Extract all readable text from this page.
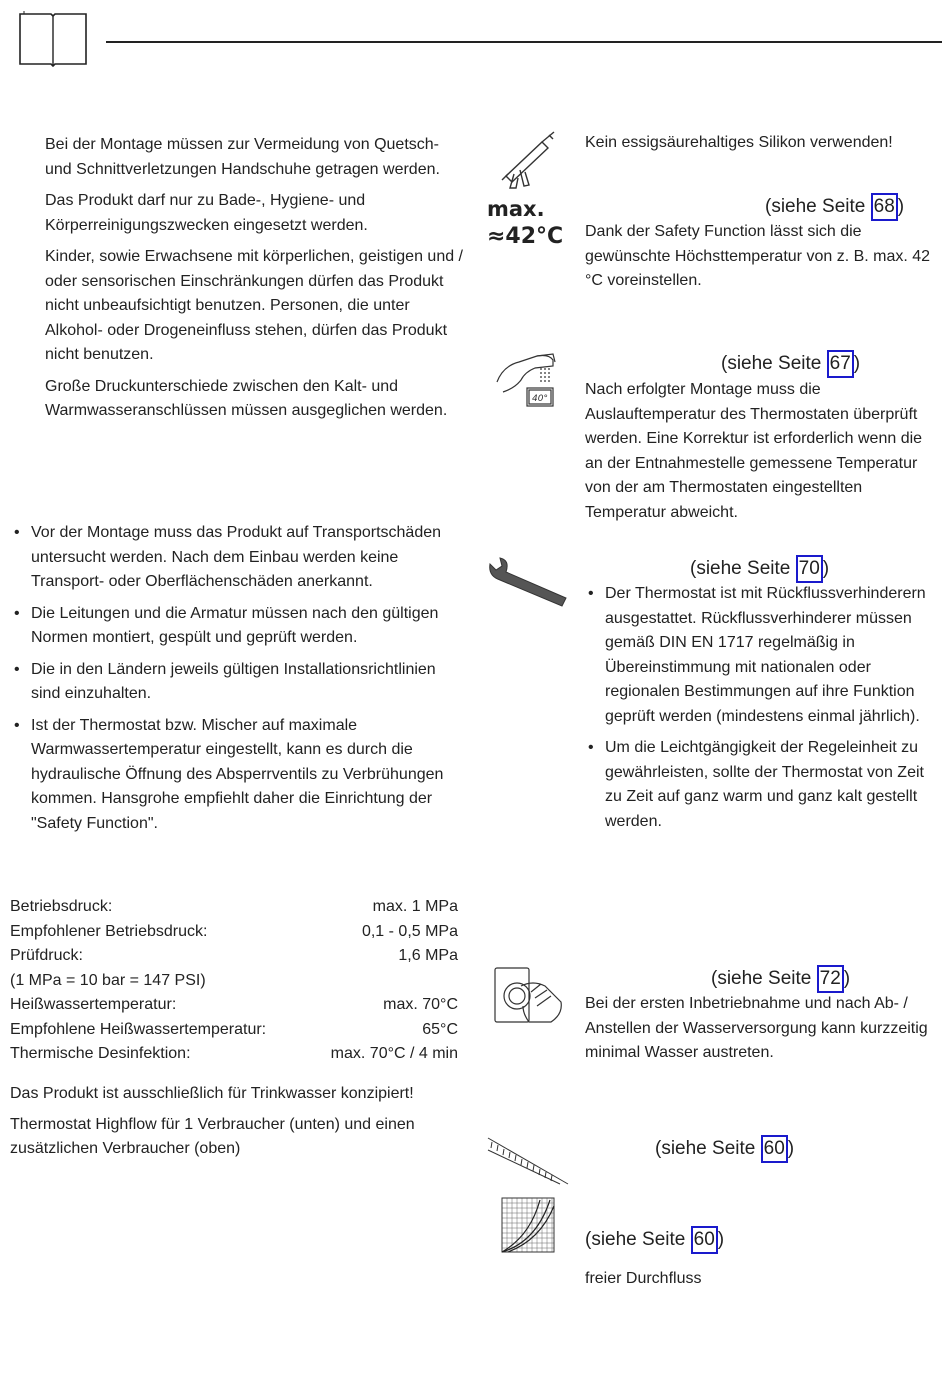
Bei der Montage müssen zur Vermeidung von Quetsch- und Schnittverletzungen Handschuhe getragen werden.

Das Produkt darf nur zu Bade-, Hygiene- und Körperreinigungszwecken eingesetzt werden.

Kinder, sowie Erwachsene mit körperlichen, geistigen und / oder sensorischen Einschränkungen dürfen das Produkt nicht unbeaufsichtigt benutzen. Personen, die unter Alkohol- oder Drogeneinfluss stehen, dürfen das Produkt nicht benutzen.

Große Druckunterschiede zwischen den Kalt- und Warmwasseranschlüssen müssen ausgeglichen werden.

• Vor der Montage muss das Produkt auf Transportschäden untersucht werden. Nach dem Einbau werden keine Transport- oder Oberflächenschäden anerkannt.
• Die Leitungen und die Armatur müssen nach den gültigen Normen montiert, gespült und geprüft werden.
• Die in den Ländern jeweils gültigen Installationsrichtlinien sind einzuhalten.
• Ist der Thermostat bzw. Mischer auf maximale Warmwassertemperatur eingestellt, kann es durch die hydraulische Öffnung des Absperrventils zu Verbrühungen kommen. Hansgrohe empfiehlt daher die Einrichtung der "Safety Function".
Betriebsdruck:	max. 1 MPa
Empfohlener Betriebsdruck:	0,1 - 0,5 MPa
Prüfdruck:	1,6 MPa
(1 MPa = 10 bar = 147 PSI)
Heißwassertemperatur:	max. 70°C
Empfohlene Heißwassertemperatur:	65°C
Thermische Desinfektion:	max. 70°C / 4 min

Das Produkt ist ausschließlich für Trinkwasser konzipiert!

Thermostat Highflow für 1 Verbraucher (unten) und einen zusätzlichen Verbraucher (oben)

Kein essigsäurehaltiges Silikon verwenden!

max.
≈42°C
(siehe Seite 68 )

Dank der Safety Function lässt sich die gewünschte Höchsttemperatur von z. B. max. 42 °C voreinstellen.

40°
(siehe Seite 67 )

Nach erfolgter Montage muss die Auslauftemperatur des Thermostaten überprüft werden. Eine Korrektur ist erforderlich wenn die an der Entnahmestelle gemessene Temperatur von der am Thermostaten eingestellten Temperatur abweicht.

(siehe Seite 70 )
• Der Thermostat ist mit Rückflussverhinderern ausgestattet. Rückflussverhinderer müssen gemäß DIN EN 1717 regelmäßig in Übereinstimmung mit nationalen oder regionalen Bestimmungen auf ihre Funktion geprüft werden (mindestens einmal jährlich).
• Um die Leichtgängigkeit der Regeleinheit zu gewährleisten, sollte der Thermostat von Zeit zu Zeit auf ganz warm und ganz kalt gestellt werden.
(siehe Seite 72 )

Bei der ersten Inbetriebnahme und nach Ab- / Anstellen der Wasserversorgung kann kurzzeitig minimal Wasser austreten.

(siehe Seite 60 )
(siehe Seite 60 )

freier Durchfluss
